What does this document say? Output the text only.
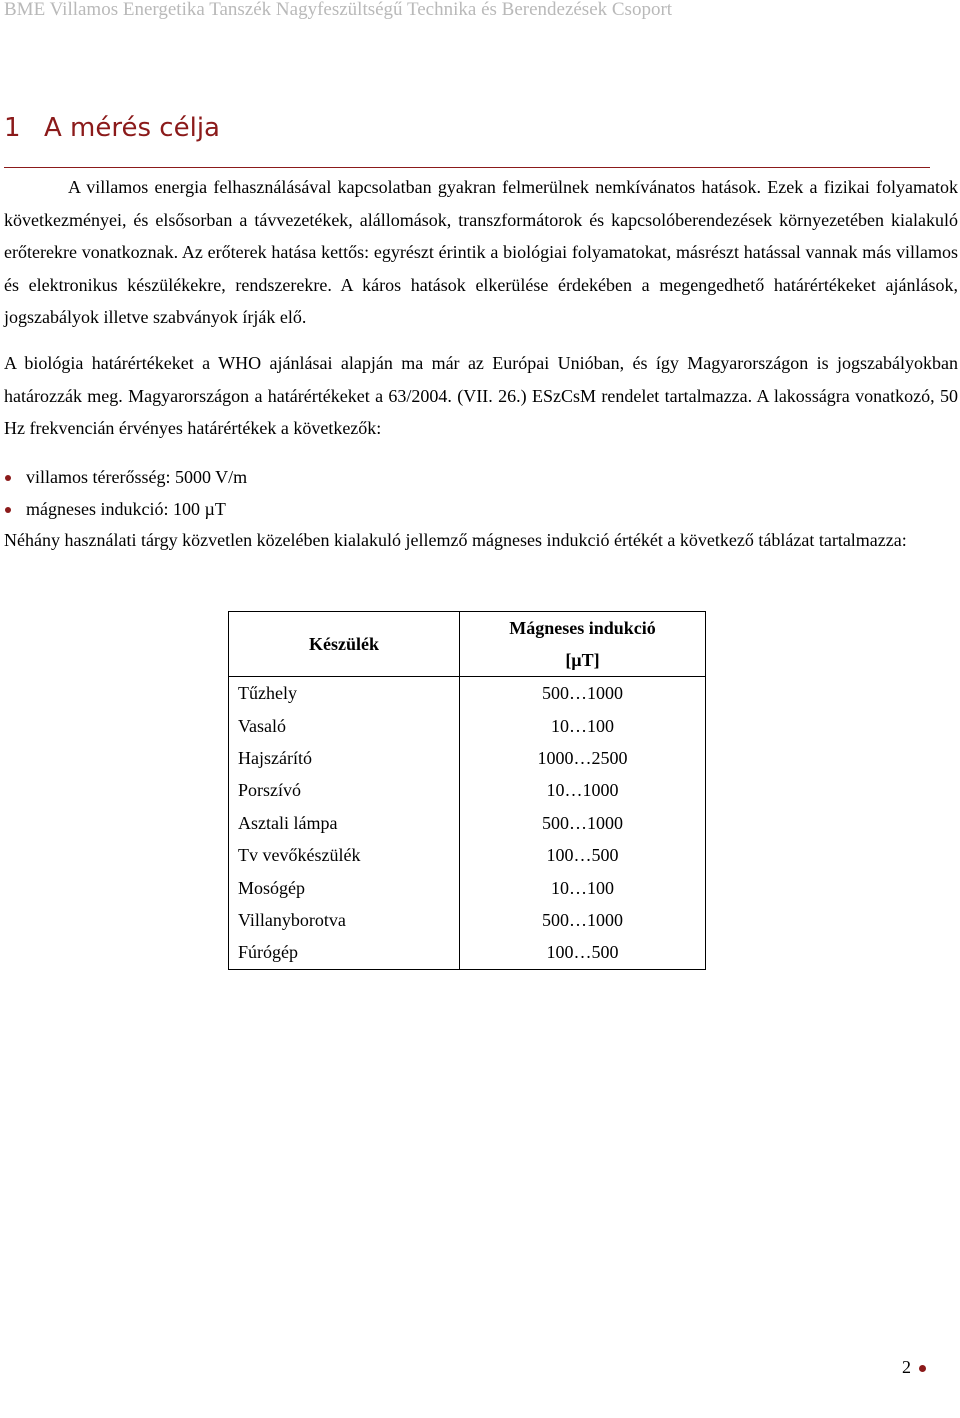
BME Villamos Energetika Tanszék Nagyfeszültségű Technika és Berendezések Csoport
1 A mérés célja

A villamos energia felhasználásával kapcsolatban gyakran felmerülnek nemkívánatos hatások. Ezek a fizikai folyamatok következményei, és elsősorban a távvezetékek, alállomások, transzformátorok és kapcsolóberendezések környezetében kialakuló erőterekre vonatkoznak. Az erőterek hatása kettős: egyrészt érintik a biológiai folyamatokat, másrészt hatással vannak más villamos és elektronikus készülékekre, rendszerekre. A káros hatások elkerülése érdekében a megengedhető határértékeket ajánlások, jogszabályok illetve szabványok írják elő.

A biológia határértékeket a WHO ajánlásai alapján ma már az Európai Unióban, és így Magyarországon is jogszabályokban határozzák meg. Magyarországon a határértékeket a 63/2004. (VII. 26.) ESzCsM rendelet tartalmazza. A lakosságra vonatkozó, 50 Hz frekvencián érvényes határértékek a következők:

villamos térerősség: 5000 V/m
mágneses indukció: 100 µT

Néhány használati tárgy közvetlen közelében kialakuló jellemző mágneses indukció értékét a következő táblázat tartalmazza:

Készülék	Mágneses indukció
[µT]
Tűzhely	500…1000
Vasaló	10…100
Hajszárító	1000…2500
Porszívó	10…1000
Asztali lámpa	500…1000
Tv vevőkészülék	100…500
Mosógép	10…100
Villanyborotva	500…1000
Fúrógép	100…500
2
